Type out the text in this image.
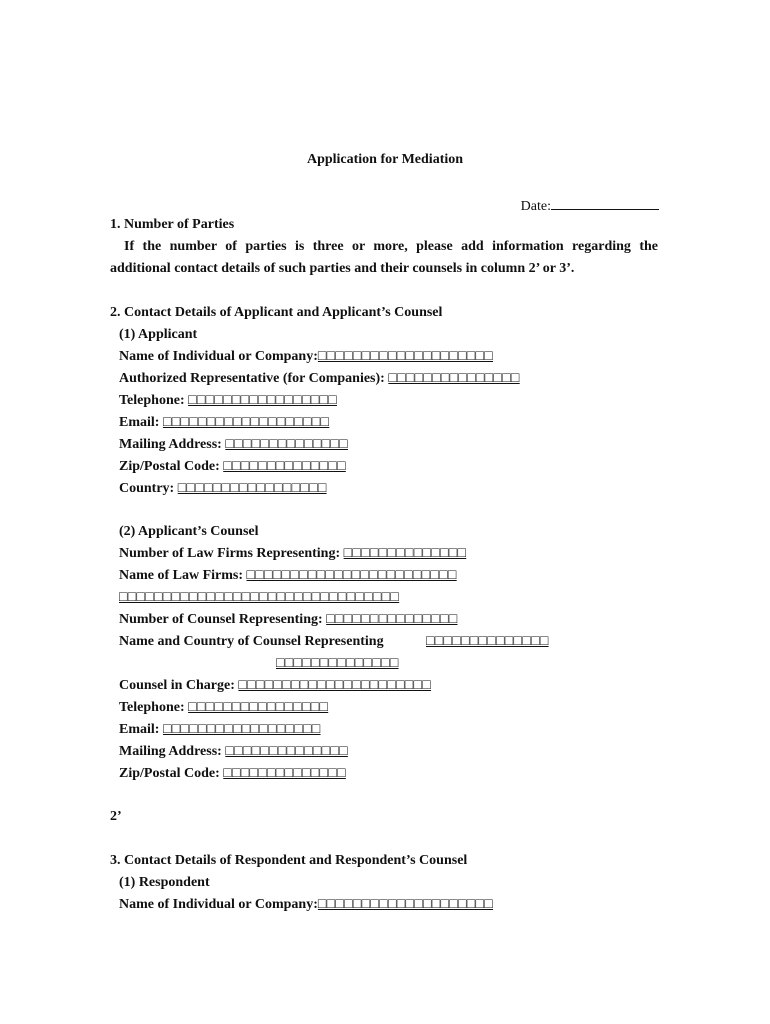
Application for Mediation
Date:
1. Number of Parties
If the number of parties is three or more, please add information regarding the additional contact details of such parties and their counsels in column 2’ or 3’.
2. Contact Details of Applicant and Applicant’s Counsel
(1) Applicant
Name of Individual or Company:□□□□□□□□□□□□□□□□□□□□
Authorized Representative (for Companies): □□□□□□□□□□□□□□□
Telephone: □□□□□□□□□□□□□□□□□
Email: □□□□□□□□□□□□□□□□□□□
Mailing Address: □□□□□□□□□□□□□□
Zip/Postal Code: □□□□□□□□□□□□□□
Country: □□□□□□□□□□□□□□□□□
(2) Applicant’s Counsel
Number of Law Firms Representing: □□□□□□□□□□□□□□
Name of Law Firms: □□□□□□□□□□□□□□□□□□□□□□□□
□□□□□□□□□□□□□□□□□□□□□□□□□□□□□□□□
Number of Counsel Representing: □□□□□□□□□□□□□□□
Name and Country of Counsel Representing	□□□□□□□□□□□□□□
□□□□□□□□□□□□□□
Counsel in Charge: □□□□□□□□□□□□□□□□□□□□□□
Telephone: □□□□□□□□□□□□□□□□
Email: □□□□□□□□□□□□□□□□□□
Mailing Address: □□□□□□□□□□□□□□
Zip/Postal Code: □□□□□□□□□□□□□□
2’
3. Contact Details of Respondent and Respondent’s Counsel
(1) Respondent
Name of Individual or Company:□□□□□□□□□□□□□□□□□□□□
